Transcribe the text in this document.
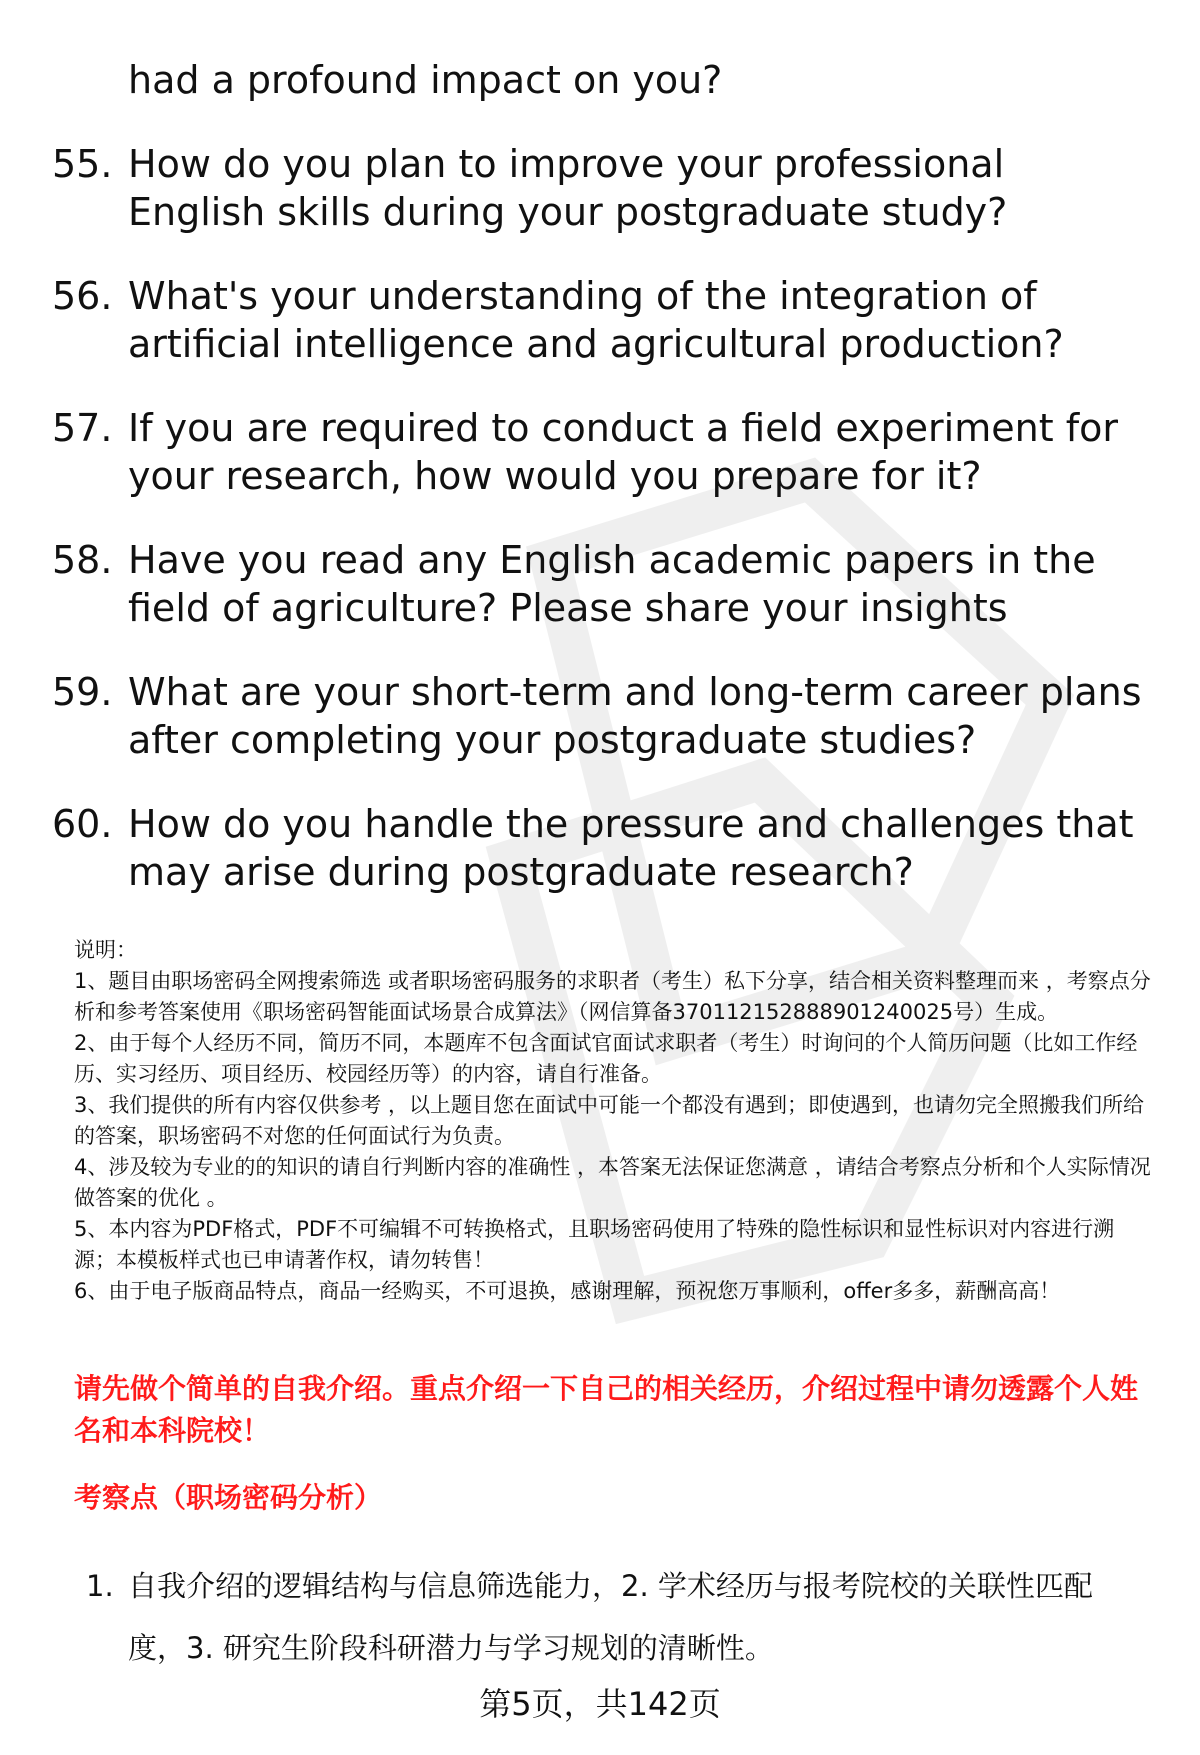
had a profound impact on you?
55. How do you plan to improve your professional English skills during your postgraduate study?
56. What's your understanding of the integration of artificial intelligence and agricultural production?
57. If you are required to conduct a field experiment for your research, how would you prepare for it?
58. Have you read any English academic papers in the field of agriculture? Please share your insights
59. What are your short-term and long-term career plans after completing your postgraduate studies?
60. How do you handle the pressure and challenges that may arise during postgraduate research?

说明：

1、题目由职场密码全网搜索筛选 或者职场密码服务的求职者（考生）私下分享，结合相关资料整理而来 ，考察点分析和参考答案使用《职场密码智能面试场景合成算法》（网信算备370112152888901240025号）生成。

2、由于每个人经历不同，简历不同，本题库不包含面试官面试求职者（考生）时询问的个人简历问题（比如工作经历、实习经历、项目经历、校园经历等）的内容，请自行准备。

3、我们提供的所有内容仅供参考 ，以上题目您在面试中可能一个都没有遇到；即使遇到，也请勿完全照搬我们所给的答案，职场密码不对您的任何面试行为负责。

4、涉及较为专业的的知识的请自行判断内容的准确性 ，本答案无法保证您满意 ，请结合考察点分析和个人实际情况做答案的优化 。

5、本内容为PDF格式，PDF不可编辑不可转换格式，且职场密码使用了特殊的隐性标识和显性标识对内容进行溯源；本模板样式也已申请著作权，请勿转售！

6、由于电子版商品特点，商品一经购买，不可退换，感谢理解，预祝您万事顺利，offer多多，薪酬高高！

请先做个简单的自我介绍。重点介绍一下自己的相关经历，介绍过程中请勿透露个人姓名和本科院校！
考察点（职场密码分析）
1. 自我介绍的逻辑结构与信息筛选能力，2. 学术经历与报考院校的关联性匹配度，3. 研究生阶段科研潜力与学习规划的清晰性。
第5页，共142页
